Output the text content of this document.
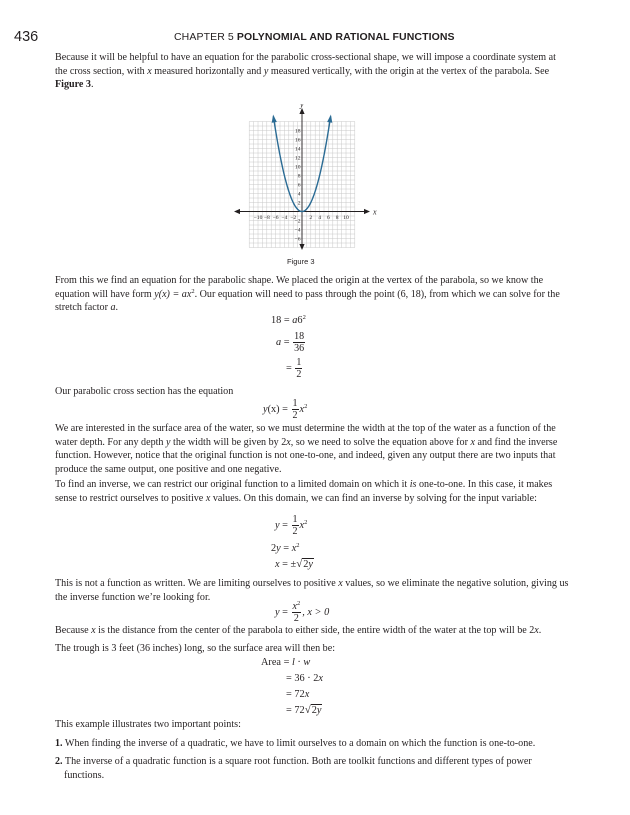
436	CHAPTER 5 POLYNOMIAL AND RATIONAL FUNCTIONS

Because it will be helpful to have an equation for the parabolic cross-sectional shape, we will impose a coordinate system at the cross section, with x measured horizontally and y measured vertically, with the origin at the vertex of the parabola. See Figure 3.

−10 −8 −6 −4 −2 2 4 6 8 10
−6
−4
−2
2
4
6
8
10
12
14
16
18
x
y
Figure 3

From this we find an equation for the parabolic shape. We placed the origin at the vertex of the parabola, so we know the equation will have form $y(x) = ax^2$. Our equation will need to pass through the point (6, 18), from which we can solve for the stretch factor a.

$18 = a6^2$
$a = \frac{18}{36}$
= $\frac{1}{2}$

Our parabolic cross section has the equation

$y(x) = \frac{1}{2} x^2$

We are interested in the surface area of the water, so we must determine the width at the top of the water as a function of the water depth. For any depth y the width will be given by 2x, so we need to solve the equation above for x and find the inverse function. However, notice that the original function is not one-to-one, and indeed, given any output there are two inputs that produce the same output, one positive and one negative.

To find an inverse, we can restrict our original function to a limited domain on which it is one-to-one. In this case, it makes sense to restrict ourselves to positive x values. On this domain, we can find an inverse by solving for the input variable:

$y = \frac{1}{2} x^2$
$2y = x^2$
x = ±√2y

This is not a function as written. We are limiting ourselves to positive x values, so we eliminate the negative solution, giving us the inverse function we’re looking for.

$y = \frac{x^2}{2}$ , x > 0

Because x is the distance from the center of the parabola to either side, the entire width of the water at the top will be 2x.

The trough is 3 feet (36 inches) long, so the surface area will then be:

Area = l · w
= 36 · 2x
= 72x
= 72√2y

This example illustrates two important points:

1. When finding the inverse of a quadratic, we have to limit ourselves to a domain on which the function is one-to-one.

2. The inverse of a quadratic function is a square root function. Both are toolkit functions and different types of power functions.
